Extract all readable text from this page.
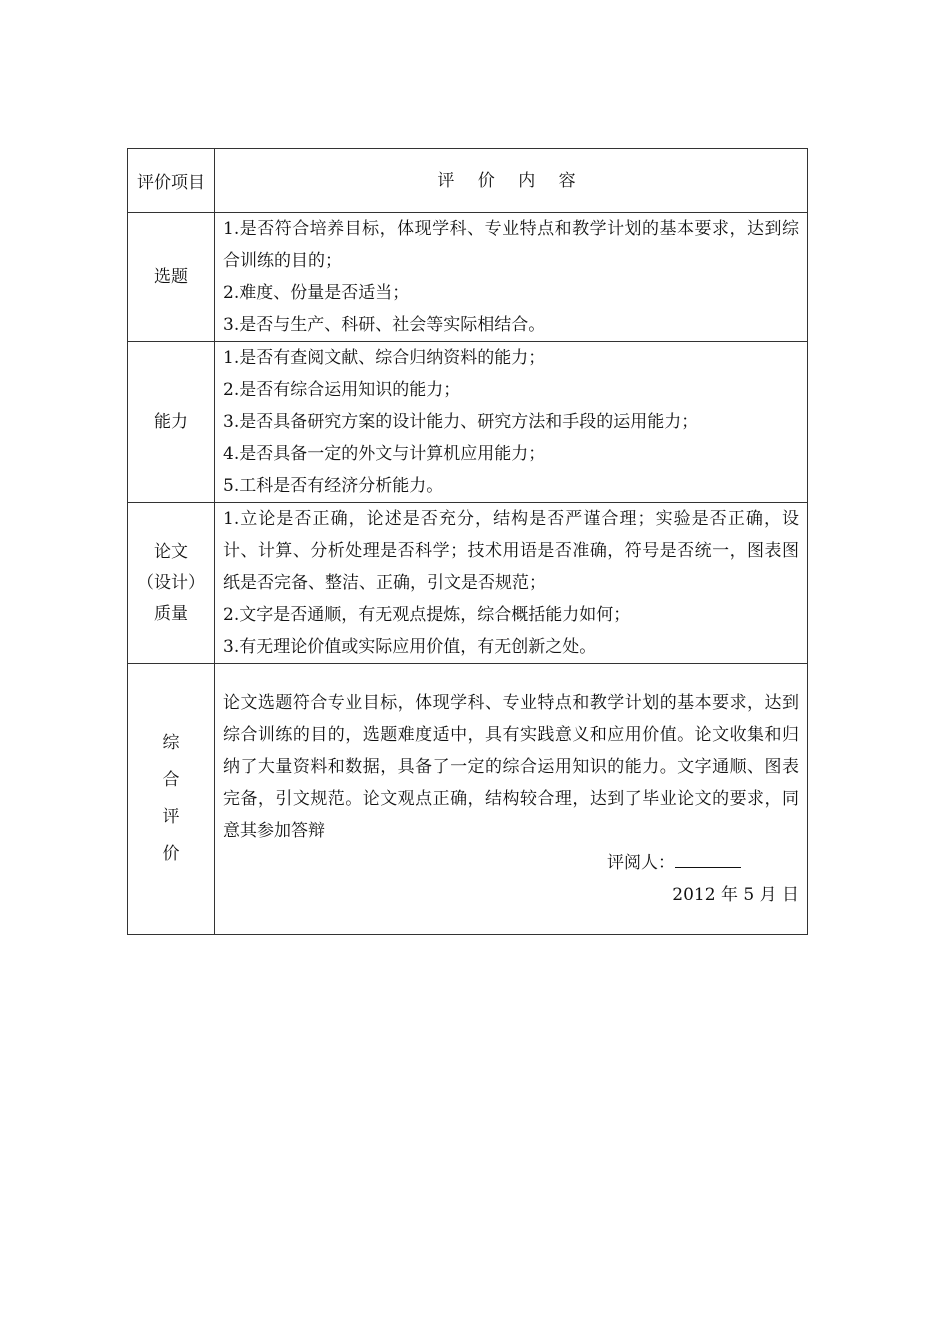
评价项目	评 价 内 容
选题	1.是否符合培养目标，体现学科、专业特点和教学计划的基本要求，达到综合训练的目的；
2.难度、份量是否适当；
3.是否与生产、科研、社会等实际相结合。

能力	1.是否有查阅文献、综合归纳资料的能力；
2.是否有综合运用知识的能力；
3.是否具备研究方案的设计能力、研究方法和手段的运用能力；
4.是否具备一定的外文与计算机应用能力；
5.工科是否有经济分析能力。

论文
（设计）
质量	1.立论是否正确，论述是否充分，结构是否严谨合理；实验是否正确，设计、计算、分析处理是否科学；技术用语是否准确，符号是否统一，图表图纸是否完备、整洁、正确，引文是否规范；
2.文字是否通顺，有无观点提炼，综合概括能力如何；
3.有无理论价值或实际应用价值，有无创新之处。

综
合
评
价	论文选题符合专业目标，体现学科、专业特点和教学计划的基本要求，达到综合训练的目的，选题难度适中，具有实践意义和应用价值。论文收集和归纳了大量资料和数据，具备了一定的综合运用知识的能力。文字通顺、图表完备，引文规范。论文观点正确，结构较合理，达到了毕业论文的要求，同意其参加答辩
评阅人：
2012 年 5 月 日
